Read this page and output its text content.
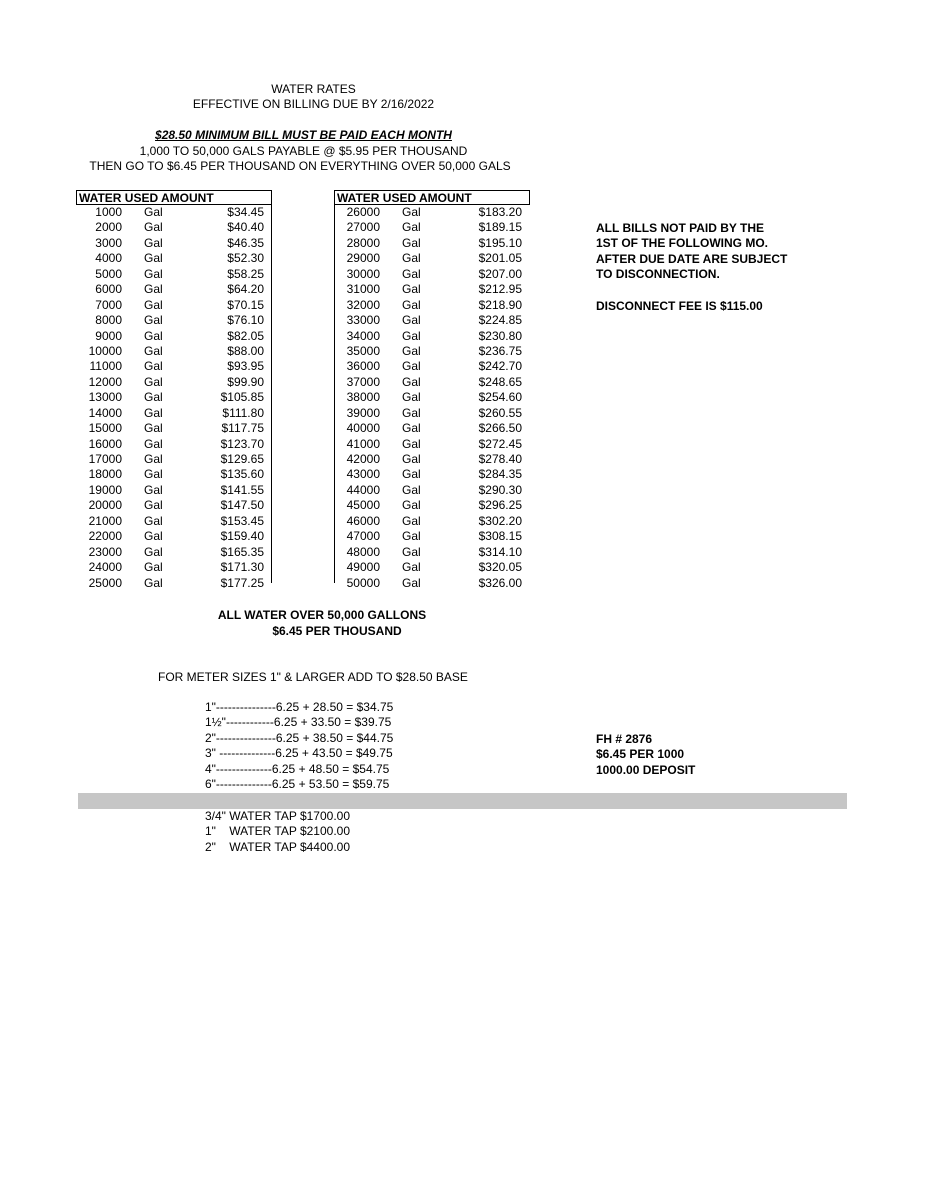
WATER RATES
EFFECTIVE ON BILLING DUE BY 2/16/2022
$28.50 MINIMUM BILL MUST BE PAID EACH MONTH
1,000 TO 50,000 GALS PAYABLE @ $5.95 PER THOUSAND
THEN GO TO $6.45 PER THOUSAND ON EVERYTHING OVER 50,000 GALS
WATER USED AMOUNT
1000 Gal	$34.45
2000 Gal	$40.40
3000 Gal	$46.35
4000 Gal	$52.30
5000 Gal	$58.25
6000 Gal	$64.20
7000 Gal	$70.15
8000 Gal	$76.10
9000 Gal	$82.05
10000 Gal	$88.00
11000 Gal	$93.95
12000 Gal	$99.90
13000 Gal	$105.85
14000 Gal	$111.80
15000 Gal	$117.75
16000 Gal	$123.70
17000 Gal	$129.65
18000 Gal	$135.60
19000 Gal	$141.55
20000 Gal	$147.50
21000 Gal	$153.45
22000 Gal	$159.40
23000 Gal	$165.35
24000 Gal	$171.30
25000 Gal	$177.25
WATER USED AMOUNT
26000 Gal	$183.20
27000 Gal	$189.15
28000 Gal	$195.10
29000 Gal	$201.05
30000 Gal	$207.00
31000 Gal	$212.95
32000 Gal	$218.90
33000 Gal	$224.85
34000 Gal	$230.80
35000 Gal	$236.75
36000 Gal	$242.70
37000 Gal	$248.65
38000 Gal	$254.60
39000 Gal	$260.55
40000 Gal	$266.50
41000 Gal	$272.45
42000 Gal	$278.40
43000 Gal	$284.35
44000 Gal	$290.30
45000 Gal	$296.25
46000 Gal	$302.20
47000 Gal	$308.15
48000 Gal	$314.10
49000 Gal	$320.05
50000 Gal	$326.00
ALL BILLS NOT PAID BY THE
1ST OF THE FOLLOWING MO.
AFTER DUE DATE ARE SUBJECT
TO DISCONNECTION.
DISCONNECT FEE IS $115.00
ALL WATER OVER 50,000 GALLONS
$6.45 PER THOUSAND
FOR METER SIZES 1" & LARGER ADD TO $28.50 BASE
1"---------------6.25 + 28.50 = $34.75
1½"------------6.25 + 33.50 = $39.75
2"---------------6.25 + 38.50 = $44.75
3" --------------6.25 + 43.50 = $49.75
4"--------------6.25 + 48.50 = $54.75
6"--------------6.25 + 53.50 = $59.75
FH # 2876
$6.45 PER 1000
1000.00 DEPOSIT
3/4" WATER TAP $1700.00
1"    WATER TAP $2100.00
2"    WATER TAP $4400.00
